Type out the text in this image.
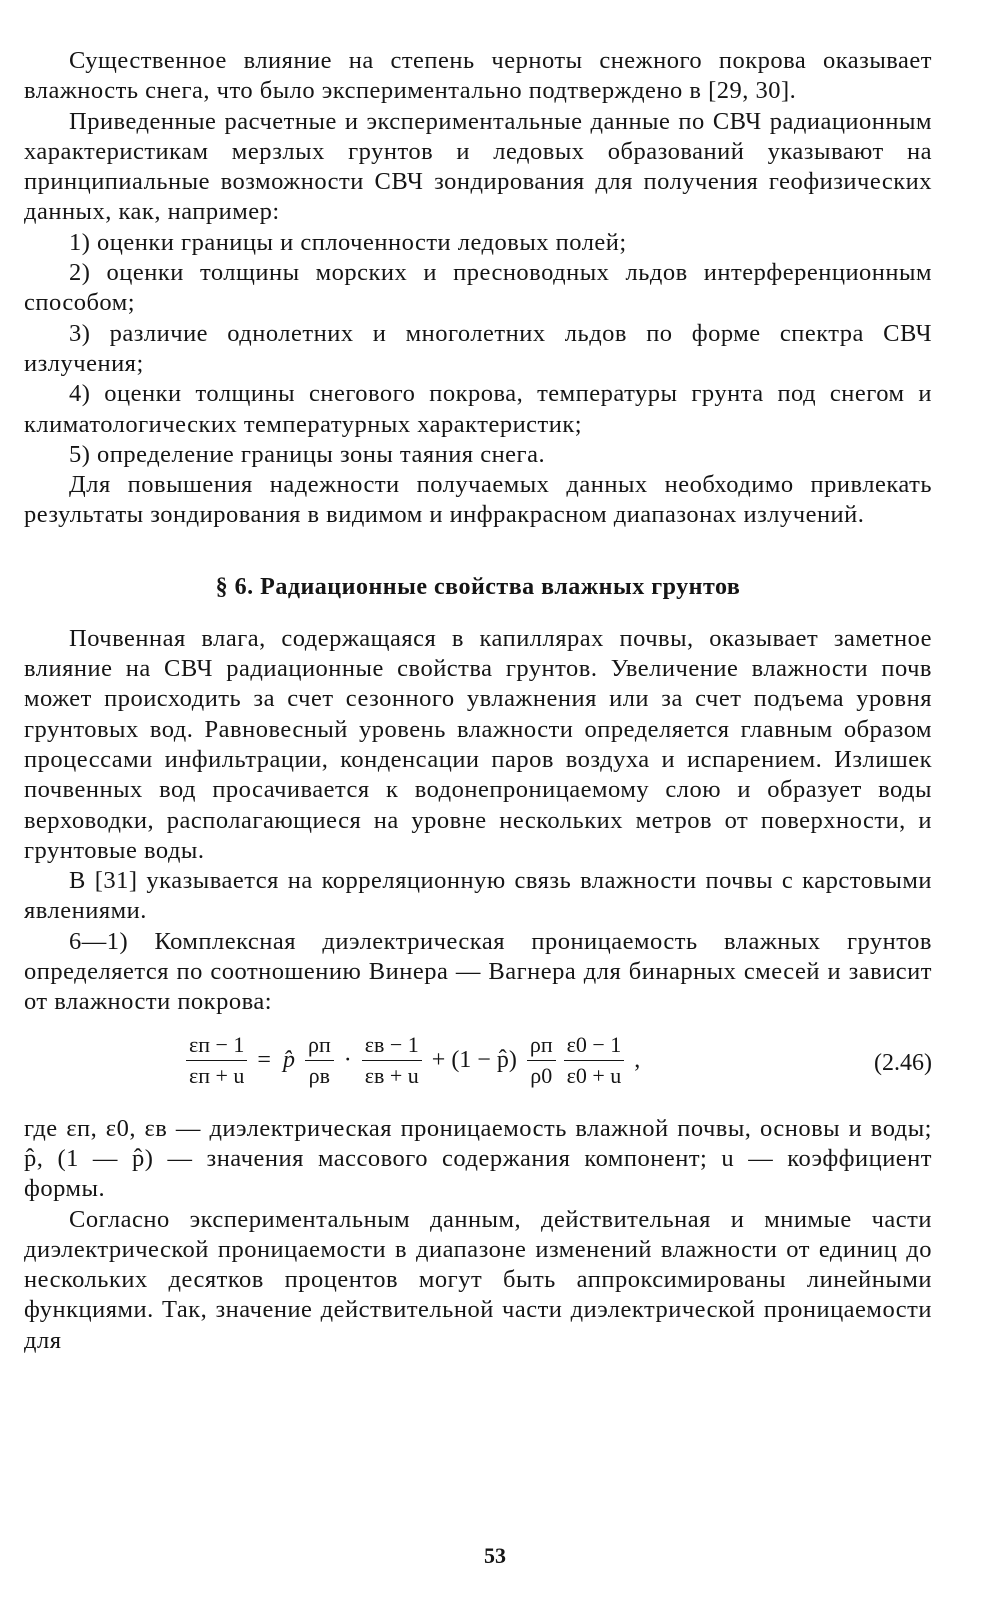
Существенное влияние на степень черноты снежного покрова оказывает влажность снега, что было экспериментально подтверждено в [29, 30].

Приведенные расчетные и экспериментальные данные по СВЧ радиационным характеристикам мерзлых грунтов и ледовых образований указывают на принципиальные возможности СВЧ зондирования для получения геофизических данных, как, например:

1) оценки границы и сплоченности ледовых полей;

2) оценки толщины морских и пресноводных льдов интерференционным способом;

3) различие однолетних и многолетних льдов по форме спектра СВЧ излучения;

4) оценки толщины снегового покрова, температуры грунта под снегом и климатологических температурных характеристик;

5) определение границы зоны таяния снега.

Для повышения надежности получаемых данных необходимо привлекать результаты зондирования в видимом и инфракрасном диапазонах излучений.

§ 6. Радиационные свойства влажных грунтов

Почвенная влага, содержащаяся в капиллярах почвы, оказывает заметное влияние на СВЧ радиационные свойства грунтов. Увеличение влажности почв может происходить за счет сезонного увлажнения или за счет подъема уровня грунтовых вод. Равновесный уровень влажности определяется главным образом процессами инфильтрации, конденсации паров воздуха и испарением. Излишек почвенных вод просачивается к водонепроницаемому слою и образует воды верховодки, располагающиеся на уровне нескольких метров от поверхности, и грунтовые воды.

В [31] указывается на корреляционную связь влажности почвы с карстовыми явлениями.

6—1) Комплексная диэлектрическая проницаемость влажных грунтов определяется по соотношению Винера — Вагнера для бинарных смесей и зависит от влажности покрова:

$\frac{\varepsilon п - 1}{\varepsilon п + u}$ = p̂ $\frac{\rho п}{\rho в} \cdot \frac{\varepsilon в - 1}{\varepsilon в + u} + (1$ − p̂) $\frac{\rho п}{\rho 0} \frac{\varepsilon 0 - 1}{\varepsilon 0 + u}$ ,	(2.46)

где εп, ε0, εв — диэлектрическая проницаемость влажной почвы, основы и воды; p̂, (1 — p̂) — значения массового содержания компонент; u — коэффициент формы.

Согласно экспериментальным данным, действительная и мнимые части диэлектрической проницаемости в диапазоне изменений влажности от единиц до нескольких десятков процентов могут быть аппроксимированы линейными функциями. Так, значение действительной части диэлектрической проницаемости для

53
